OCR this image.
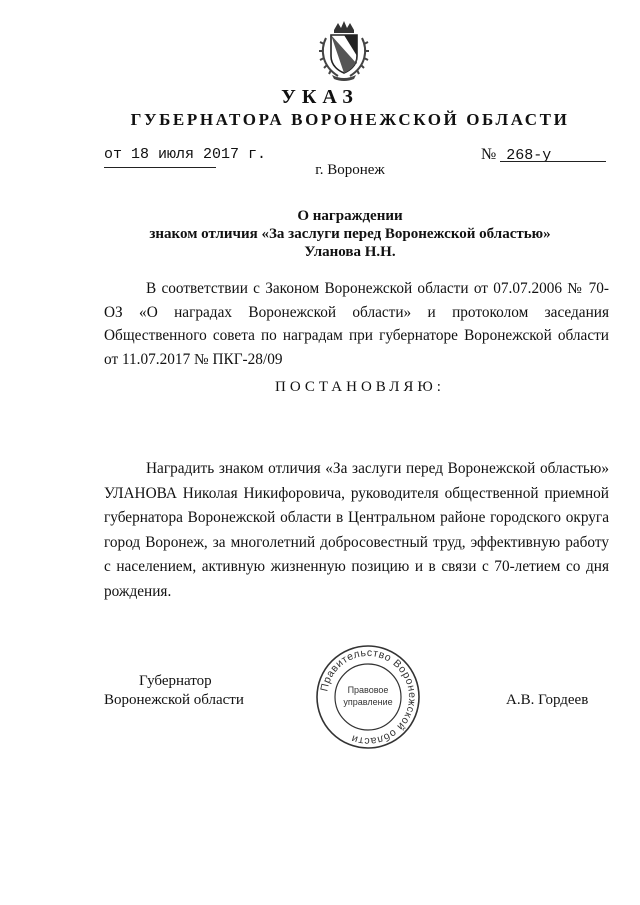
УКАЗ
ГУБЕРНАТОРА ВОРОНЕЖСКОЙ ОБЛАСТИ
от 18 июля 2017 г.	№ 268-у
г. Воронеж
О награждении
знаком отличия «За заслуги перед Воронежской областью»
Уланова Н.Н.
В соответствии с Законом Воронежской области от 07.07.2006 № 70-ОЗ «О наградах Воронежской области» и протоколом заседания Общественного совета по наградам при губернаторе Воронежской области от 11.07.2017 № ПКГ-28/09
ПОСТАНОВЛЯЮ:
Наградить знаком отличия «За заслуги перед Воронежской областью» УЛАНОВА Николая Никифоровича, руководителя общественной приемной губернатора Воронежской области в Центральном районе городского округа город Воронеж, за многолетний добросовестный труд, эффективную работу с населением, активную жизненную позицию и в связи с 70-летием со дня рождения.
Губернатор
Воронежской области
Правительство Воронежской области
Правовое
управление	А.В. Гордеев
